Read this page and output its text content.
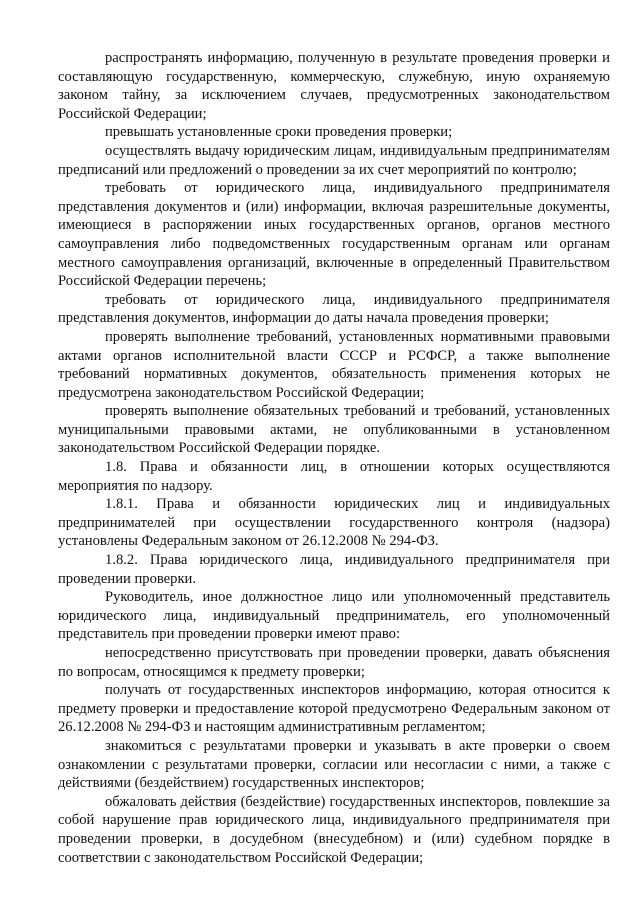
распространять информацию, полученную в результате проведения проверки и составляющую государственную, коммерческую, служебную, иную охраняемую законом тайну, за исключением случаев, предусмотренных законодательством Российской Федерации;

превышать установленные сроки проведения проверки;

осуществлять выдачу юридическим лицам, индивидуальным предпринимателям предписаний или предложений о проведении за их счет мероприятий по контролю;

требовать от юридического лица, индивидуального предпринимателя представления документов и (или) информации, включая разрешительные документы, имеющиеся в распоряжении иных государственных органов, органов местного самоуправления либо подведомственных государственным органам или органам местного самоуправления организаций, включенные в определенный Правительством Российской Федерации перечень;

требовать от юридического лица, индивидуального предпринимателя представления документов, информации до даты начала проведения проверки;

проверять выполнение требований, установленных нормативными правовыми актами органов исполнительной власти СССР и РСФСР, а также выполнение требований нормативных документов, обязательность применения которых не предусмотрена законодательством Российской Федерации;

проверять выполнение обязательных требований и требований, установленных муниципальными правовыми актами, не опубликованными в установленном законодательством Российской Федерации порядке.

1.8. Права и обязанности лиц, в отношении которых осуществляются мероприятия по надзору.

1.8.1. Права и обязанности юридических лиц и индивидуальных предпринимателей при осуществлении государственного контроля (надзора) установлены Федеральным законом от 26.12.2008 № 294-ФЗ.

1.8.2. Права юридического лица, индивидуального предпринимателя при проведении проверки.

Руководитель, иное должностное лицо или уполномоченный представитель юридического лица, индивидуальный предприниматель, его уполномоченный представитель при проведении проверки имеют право:

непосредственно присутствовать при проведении проверки, давать объяснения по вопросам, относящимся к предмету проверки;

получать от государственных инспекторов информацию, которая относится к предмету проверки и предоставление которой предусмотрено Федеральным законом от 26.12.2008 № 294-ФЗ и настоящим административным регламентом;

знакомиться с результатами проверки и указывать в акте проверки о своем ознакомлении с результатами проверки, согласии или несогласии с ними, а также с действиями (бездействием) государственных инспекторов;

обжаловать действия (бездействие) государственных инспекторов, повлекшие за собой нарушение прав юридического лица, индивидуального предпринимателя при проведении проверки, в досудебном (внесудебном) и (или) судебном порядке в соответствии с законодательством Российской Федерации;
